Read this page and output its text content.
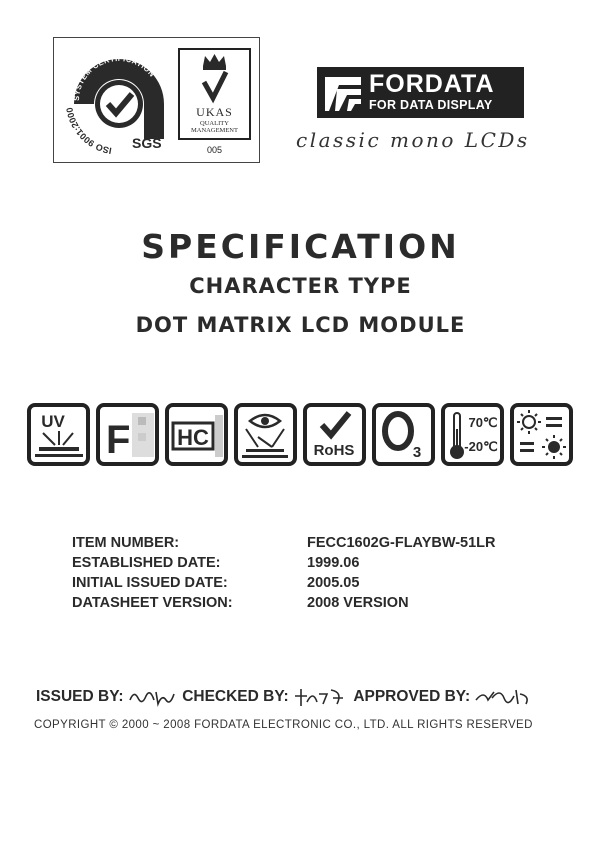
SYSTEM CERTIFICATION
ISO 9001:2000
SGS
UKAS
QUALITY
MANAGEMENT
005
FORDATA
FOR DATA DISPLAY
classic mono LCDs
SPECIFICATION
CHARACTER TYPE
DOT MATRIX LCD MODULE
UV F HC
RoHS	3
70℃
-20℃
ITEM NUMBER:	FECC1602G-FLAYBW-51LR
ESTABLISHED DATE:	1999.06
INITIAL ISSUED DATE:	2005.05
DATASHEET VERSION:	2008 VERSION
ISSUED BY:	CHECKED BY:	APPROVED BY:
COPYRIGHT © 2000 ~ 2008 FORDATA ELECTRONIC CO., LTD. ALL RIGHTS RESERVED
